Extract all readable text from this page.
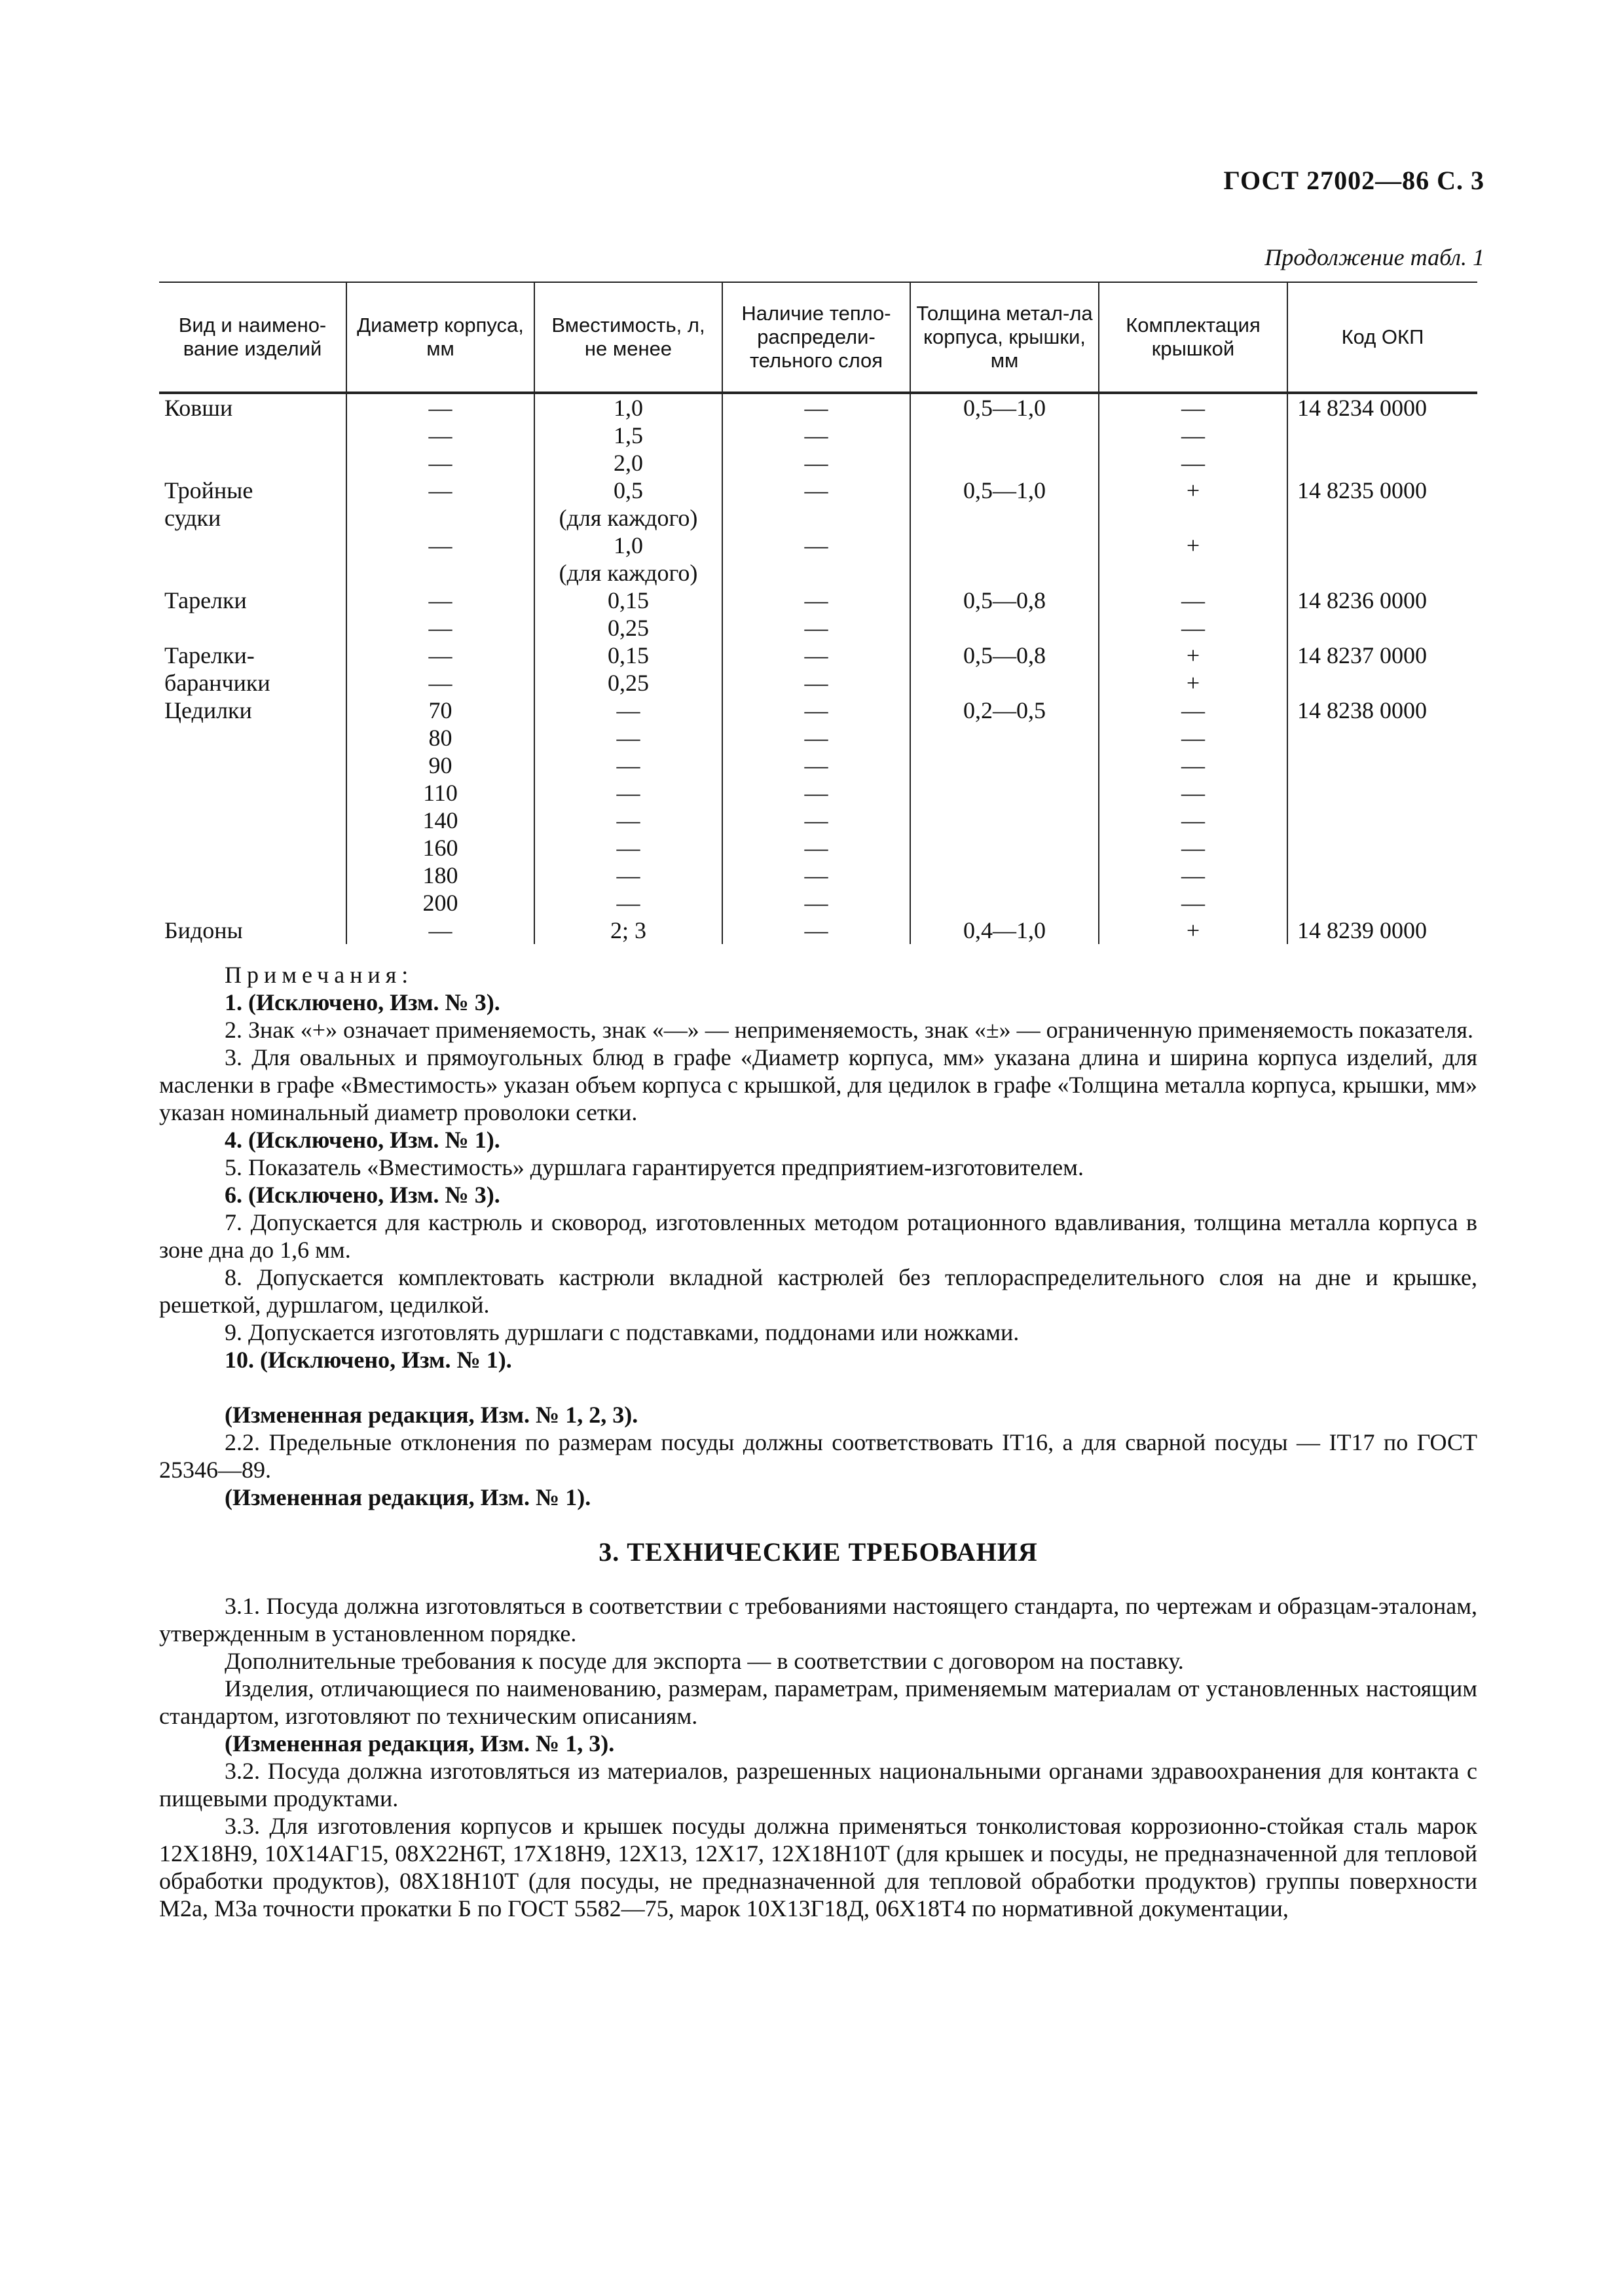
ГОСТ 27002—86 С. 3
Продолжение табл. 1
Вид и наимено-вание изделий	Диаметр корпуса, мм	Вместимость, л, не менее	Наличие тепло-распредели-тельного слоя	Толщина метал-ла корпуса, крышки, мм	Комплектация крышкой	Код ОКП
Ковши	—	1,0	—	0,5—1,0	—	14 8234 0000
	—	1,5	—		—	
	—	2,0	—		—	
Тройные	—	0,5	—	0,5—1,0	+	14 8235 0000
судки		(для каждого)				
	—	1,0	—		+	
		(для каждого)				
Тарелки	—	0,15	—	0,5—0,8	—	14 8236 0000
	—	0,25	—		—	
Тарелки-	—	0,15	—	0,5—0,8	+	14 8237 0000
баранчики	—	0,25	—		+	
Цедилки	70	—	—	0,2—0,5	—	14 8238 0000
	80	—	—		—	
	90	—	—		—	
	110	—	—		—	
	140	—	—		—	
	160	—	—		—	
	180	—	—		—	
	200	—	—		—	
Бидоны	—	2; 3	—	0,4—1,0	+	14 8239 0000

Примечания:

1. (Исключено, Изм. № 3).

2. Знак «+» означает применяемость, знак «—» — неприменяемость, знак «±» — ограниченную применяемость показателя.

3. Для овальных и прямоугольных блюд в графе «Диаметр корпуса, мм» указана длина и ширина корпуса изделий, для масленки в графе «Вместимость» указан объем корпуса с крышкой, для цедилок в графе «Толщина металла корпуса, крышки, мм» указан номинальный диаметр проволоки сетки.

4. (Исключено, Изм. № 1).

5. Показатель «Вместимость» дуршлага гарантируется предприятием-изготовителем.

6. (Исключено, Изм. № 3).

7. Допускается для кастрюль и сковород, изготовленных методом ротационного вдавливания, толщина металла корпуса в зоне дна до 1,6 мм.

8. Допускается комплектовать кастрюли вкладной кастрюлей без теплораспределительного слоя на дне и крышке, решеткой, дуршлагом, цедилкой.

9. Допускается изготовлять дуршлаги с подставками, поддонами или ножками.

10. (Исключено, Изм. № 1).

(Измененная редакция, Изм. № 1, 2, 3).

2.2. Предельные отклонения по размерам посуды должны соответствовать IT16, а для сварной посуды — IT17 по ГОСТ 25346—89.

(Измененная редакция, Изм. № 1).

3. ТЕХНИЧЕСКИЕ ТРЕБОВАНИЯ

3.1. Посуда должна изготовляться в соответствии с требованиями настоящего стандарта, по чертежам и образцам-эталонам, утвержденным в установленном порядке.

Дополнительные требования к посуде для экспорта — в соответствии с договором на поставку.

Изделия, отличающиеся по наименованию, размерам, параметрам, применяемым материалам от установленных настоящим стандартом, изготовляют по техническим описаниям.

(Измененная редакция, Изм. № 1, 3).

3.2. Посуда должна изготовляться из материалов, разрешенных национальными органами здравоохранения для контакта с пищевыми продуктами.

3.3. Для изготовления корпусов и крышек посуды должна применяться тонколистовая коррозионно-стойкая сталь марок 12Х18Н9, 10Х14АГ15, 08Х22Н6Т, 17Х18Н9, 12Х13, 12Х17, 12Х18Н10Т (для крышек и посуды, не предназначенной для тепловой обработки продуктов), 08Х18Н10Т (для посуды, не предназначенной для тепловой обработки продуктов) группы поверхности М2а, М3а точности прокатки Б по ГОСТ 5582—75, марок 10Х13Г18Д, 06Х18Т4 по нормативной документации,
